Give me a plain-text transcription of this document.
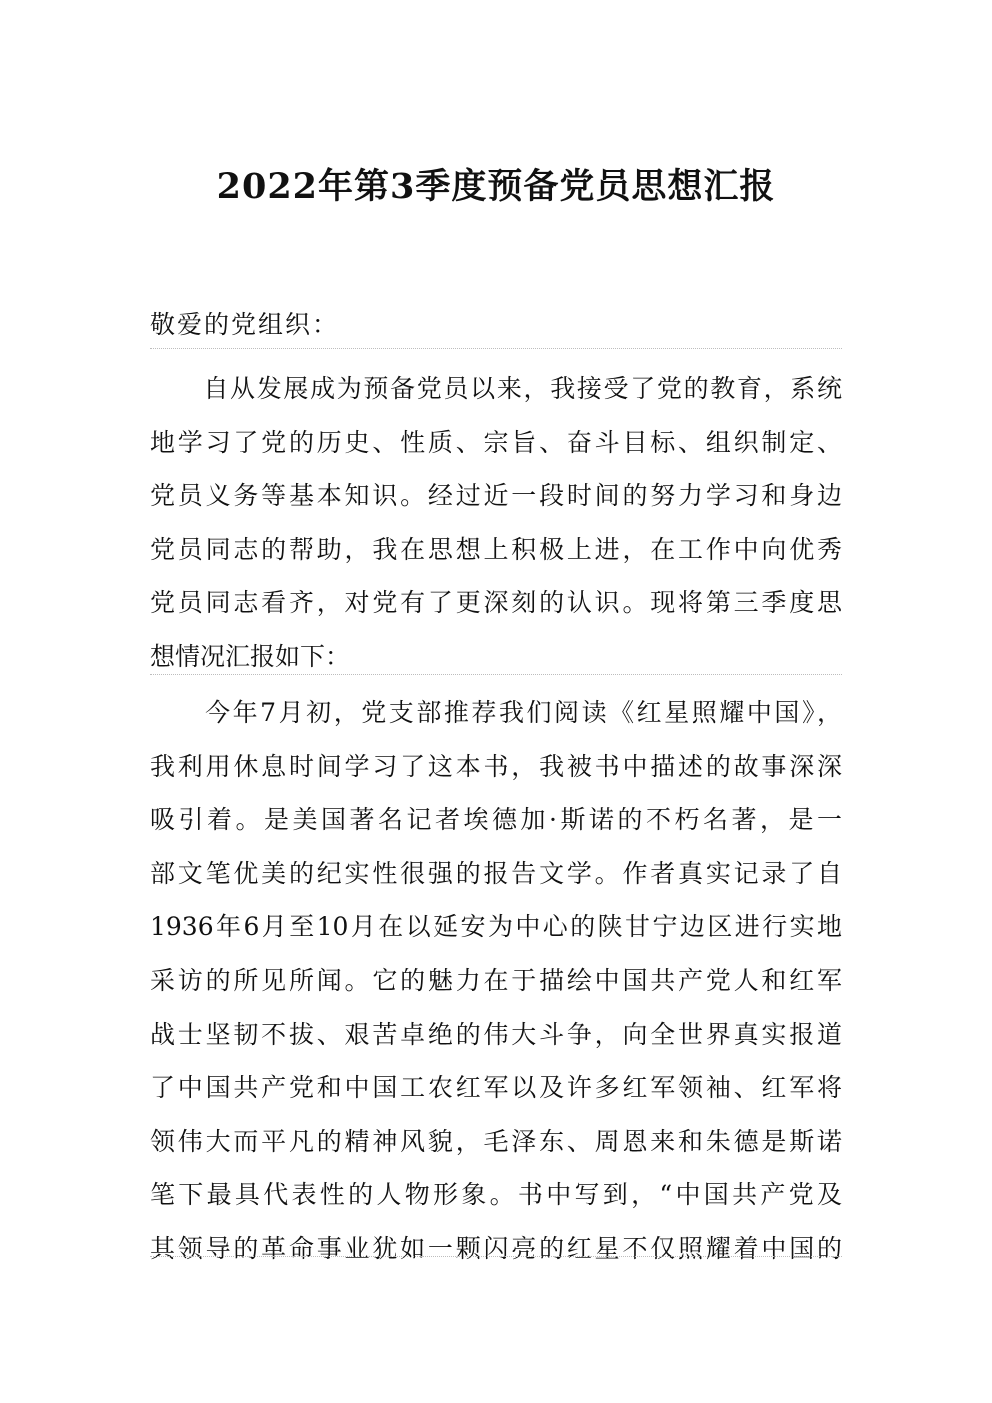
2022年第3季度预备党员思想汇报
敬爱的党组织：
　　自从发展成为预备党员以来，我接受了党的教育，系统
地学习了党的历史、性质、宗旨、奋斗目标、组织制定、
党员义务等基本知识。经过近一段时间的努力学习和身边
党员同志的帮助，我在思想上积极上进，在工作中向优秀
党员同志看齐，对党有了更深刻的认识。现将第三季度思
想情况汇报如下：
　　今年7月初，党支部推荐我们阅读《红星照耀中国》，
我利用休息时间学习了这本书，我被书中描述的故事深深
吸引着。是美国著名记者埃德加·斯诺的不朽名著，是一
部文笔优美的纪实性很强的报告文学。作者真实记录了自
1936年6月至10月在以延安为中心的陕甘宁边区进行实地
采访的所见所闻。它的魅力在于描绘中国共产党人和红军
战士坚韧不拔、艰苦卓绝的伟大斗争，向全世界真实报道
了中国共产党和中国工农红军以及许多红军领袖、红军将
领伟大而平凡的精神风貌，毛泽东、周恩来和朱德是斯诺
笔下最具代表性的人物形象。书中写到，“中国共产党及
其领导的革命事业犹如一颗闪亮的红星不仅照耀着中国的
